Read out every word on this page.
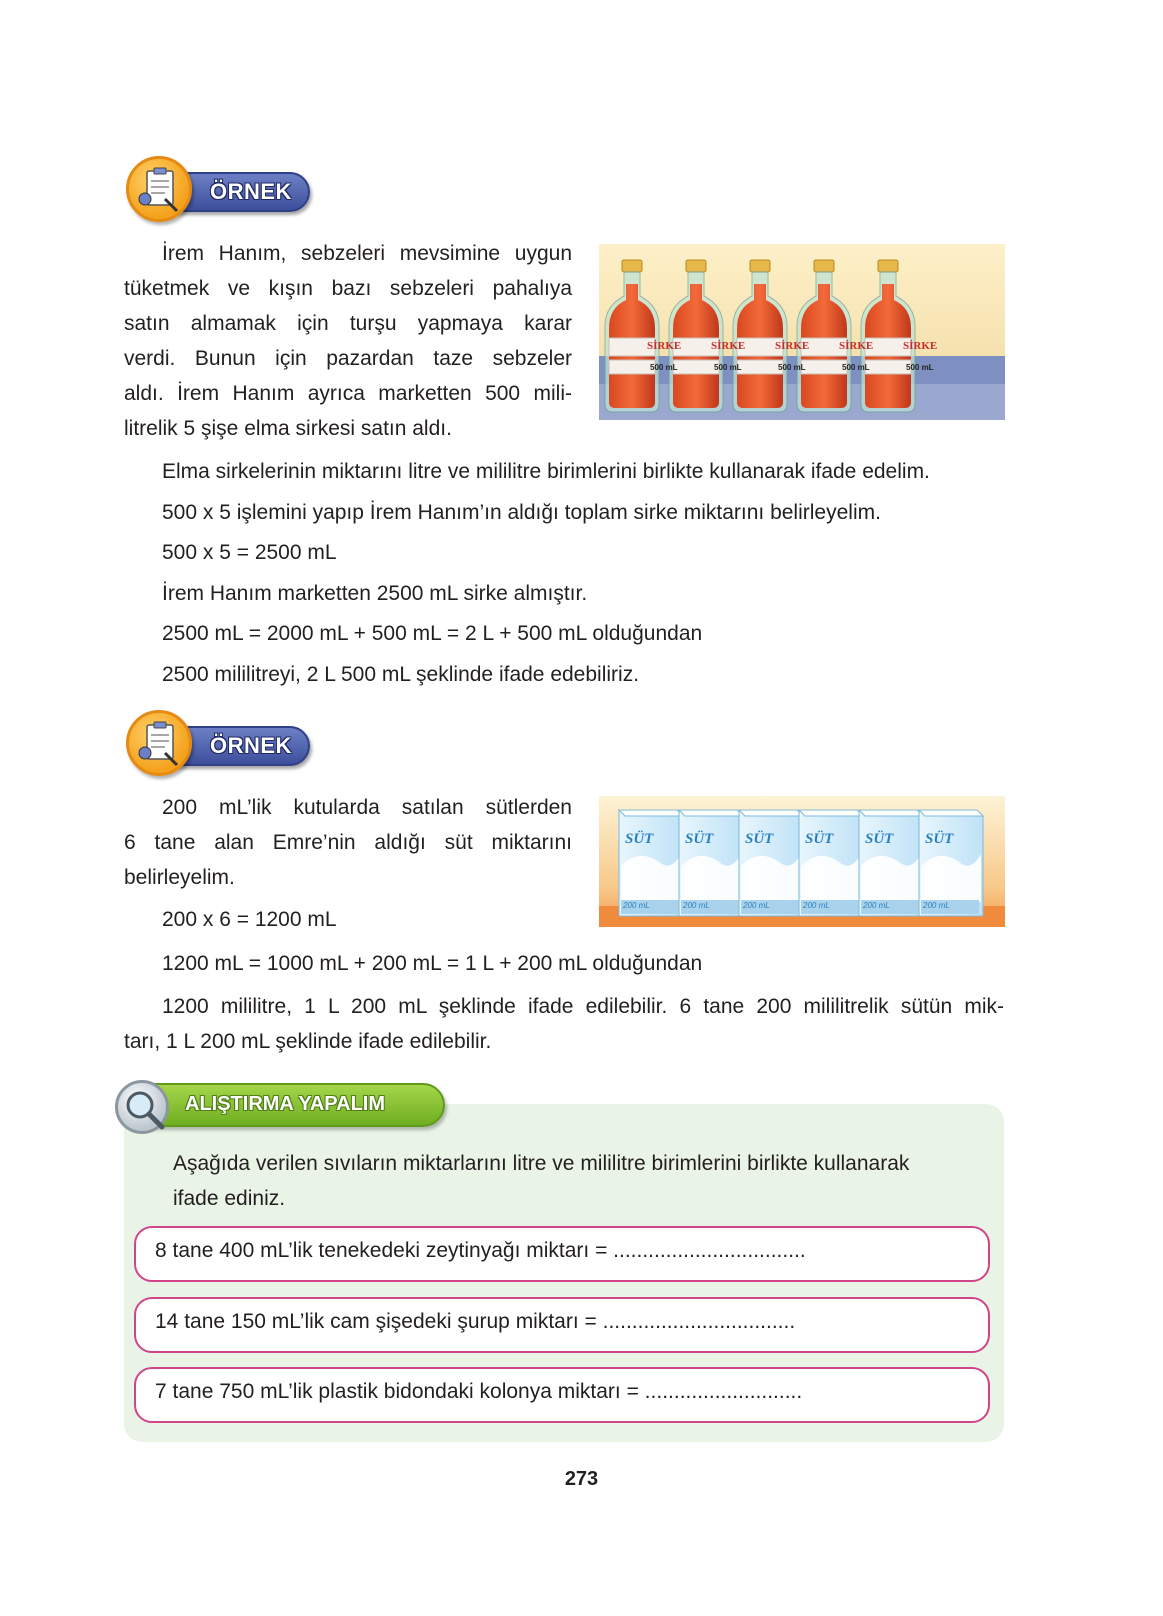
ÖRNEK
İrem Hanım, sebzeleri mevsimine uygun
tüketmek ve kışın bazı sebzeleri pahalıya
satın almamak için turşu yapmaya karar
verdi. Bunun için pazardan taze sebzeler
aldı. İrem Hanım ayrıca marketten 500 mili-
litrelik 5 şişe elma sirkesi satın aldı.
SİRKE
500 mL
SİRKE
500 mL
SİRKE
500 mL
SİRKE
500 mL
SİRKE
500 mL
Elma sirkelerinin miktarını litre ve mililitre birimlerini birlikte kullanarak ifade edelim.
500 x 5 işlemini yapıp İrem Hanım’ın aldığı toplam sirke miktarını belirleyelim.
500 x 5 = 2500 mL
İrem Hanım marketten 2500 mL sirke almıştır.
2500 mL = 2000 mL + 500 mL = 2 L + 500 mL olduğundan
2500 mililitreyi, 2 L 500 mL şeklinde ifade edebiliriz.
ÖRNEK
200 mL’lik kutularda satılan sütlerden
6 tane alan Emre’nin aldığı süt miktarını
belirleyelim.
200 x 6 = 1200 mL
1200 mL = 1000 mL + 200 mL = 1 L + 200 mL olduğundan
1200 mililitre, 1 L 200 mL şeklinde ifade edilebilir. 6 tane 200 mililitrelik sütün mik-
tarı, 1 L 200 mL şeklinde ifade edilebilir.
SÜT
200 mL
SÜT
200 mL
SÜT
200 mL
SÜT
200 mL
SÜT
200 mL
SÜT
200 mL
ALIŞTIRMA YAPALIM
Aşağıda verilen sıvıların miktarlarını litre ve mililitre birimlerini birlikte kullanarak
ifade ediniz.
8 tane 400 mL’lik tenekedeki zeytinyağı miktarı = .................................
14 tane 150 mL’lik cam şişedeki şurup miktarı = .................................
7 tane 750 mL’lik plastik bidondaki kolonya miktarı = ...........................
273
